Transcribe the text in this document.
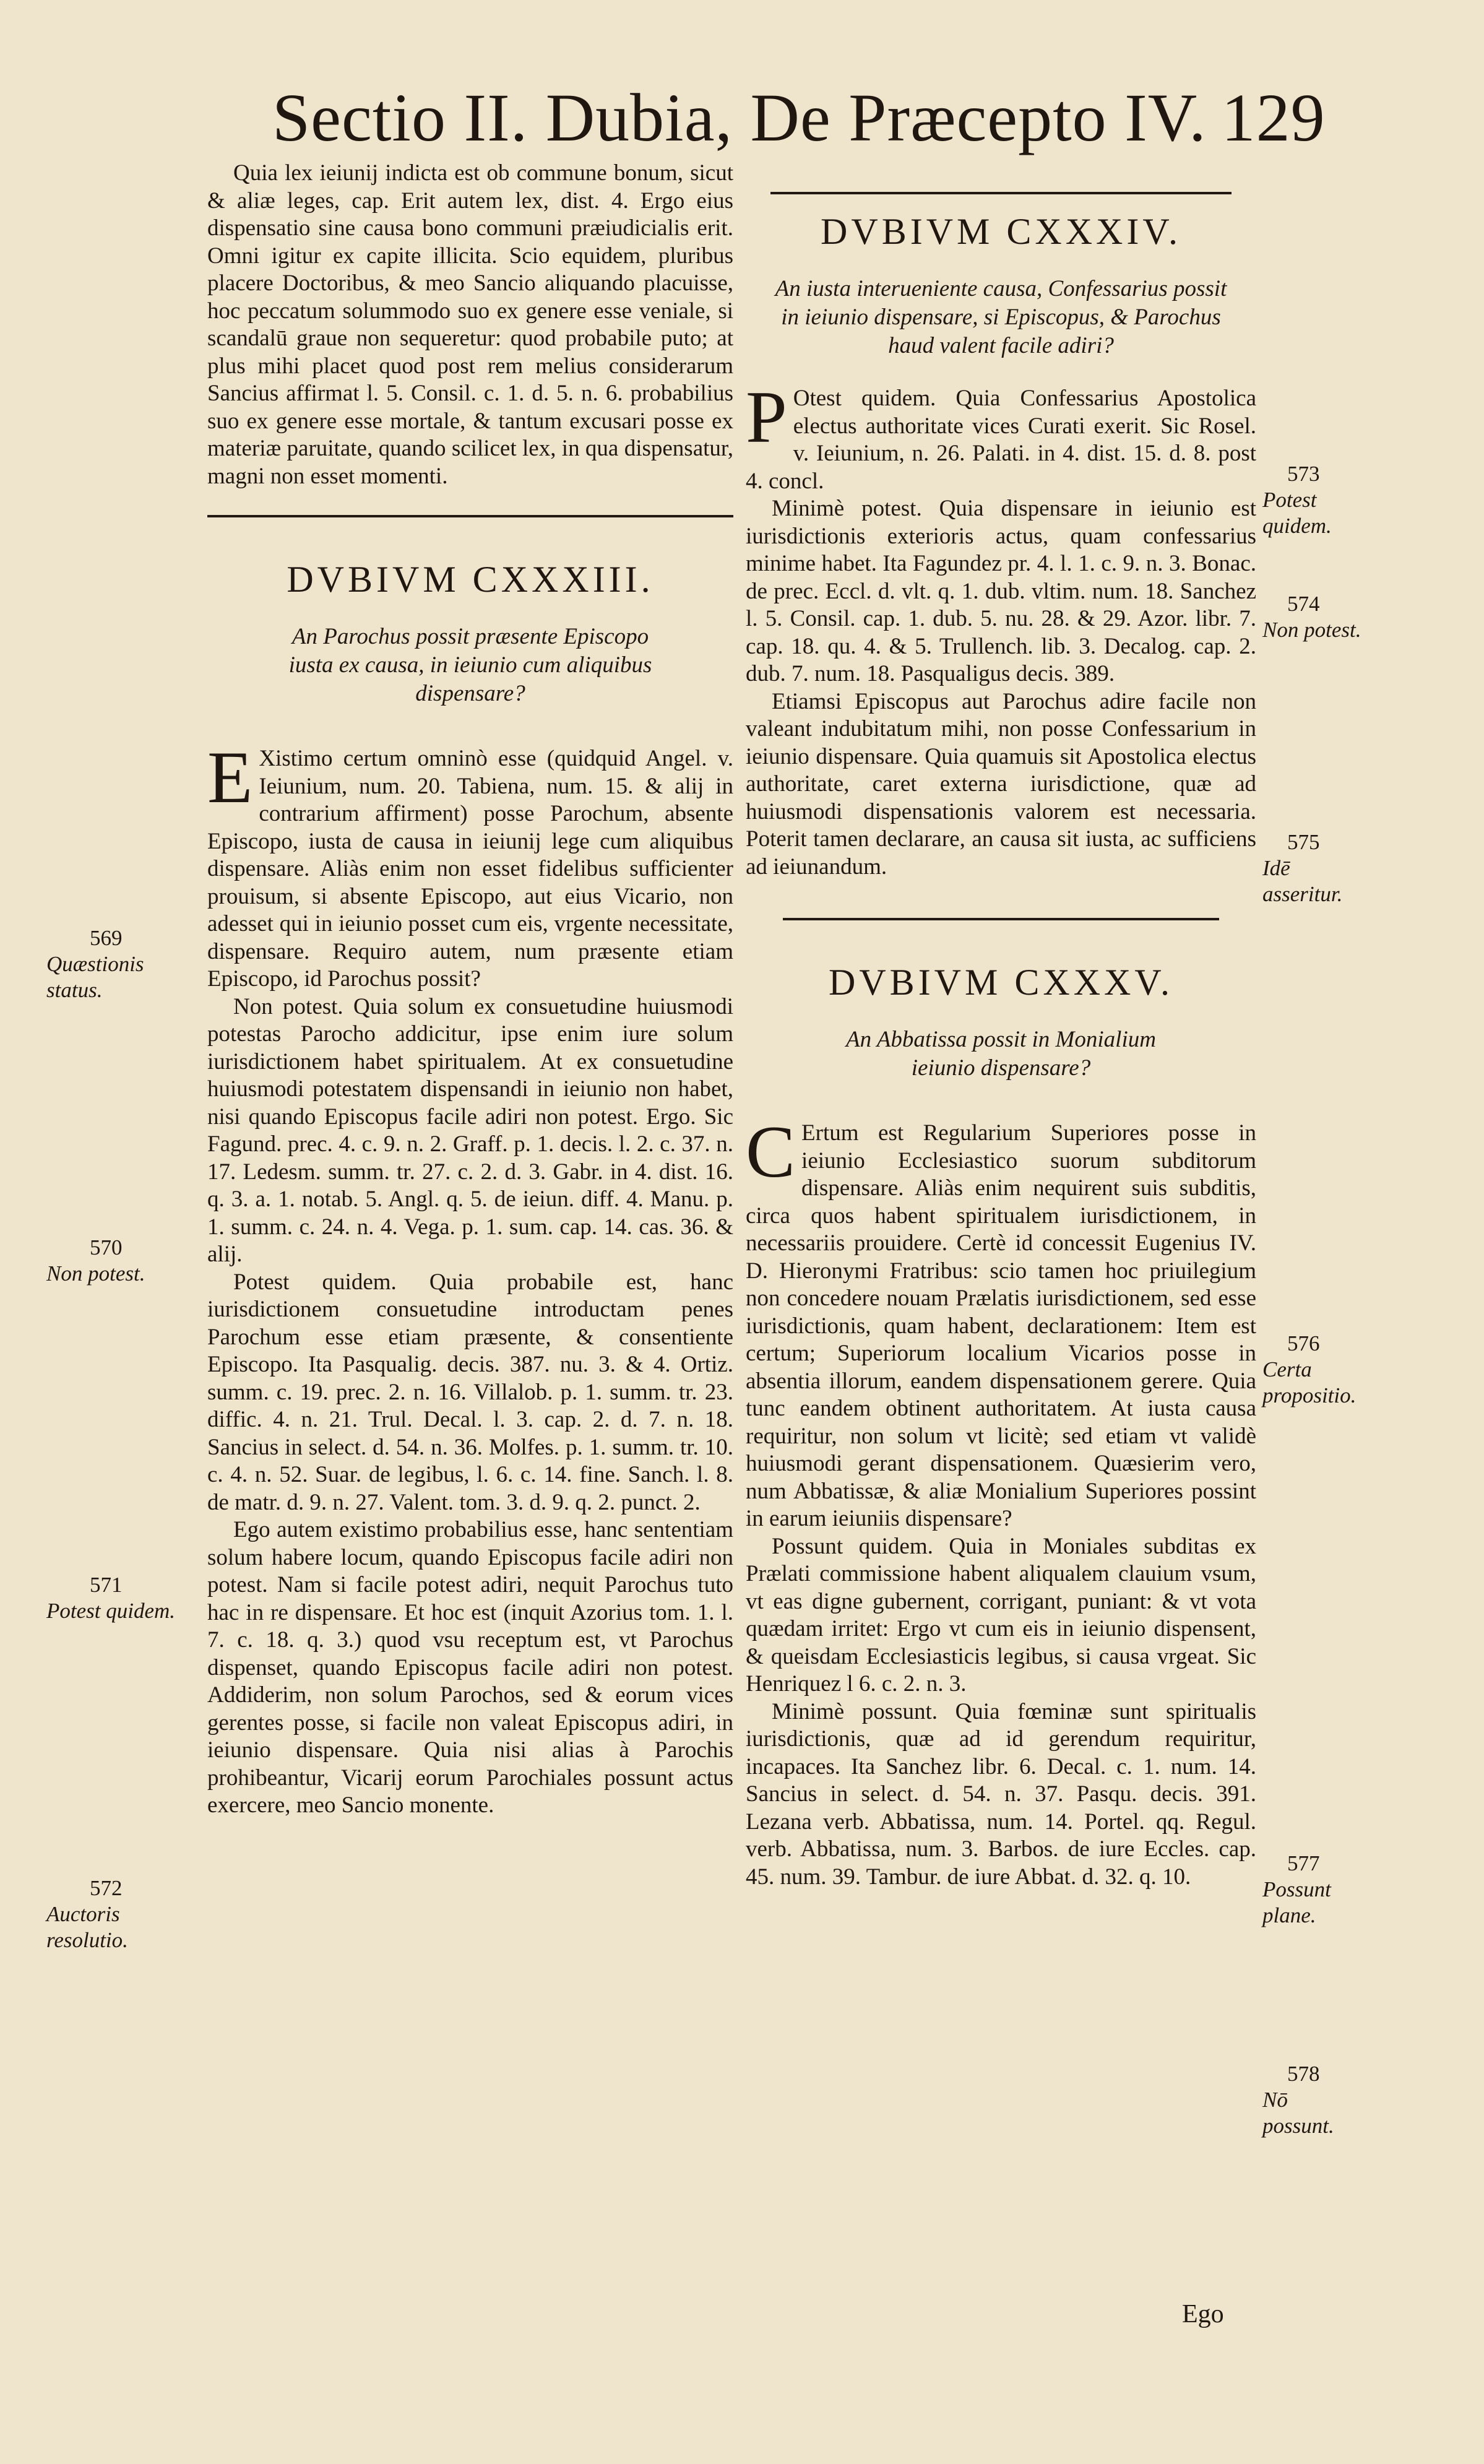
Sectio II. Dubia, De Præcepto IV. 129

Quia lex ieiunij indicta est ob commune bonum, sicut & aliæ leges, cap. Erit autem lex, dist. 4. Ergo eius dispensatio sine causa bono communi præiudicialis erit. Omni igitur ex capite illicita. Scio equidem, pluribus placere Doctoribus, & meo Sancio aliquando placuisse, hoc peccatum solummodo suo ex genere esse veniale, si scandalū graue non sequeretur: quod probabile puto; at plus mihi placet quod post rem melius considerarum Sancius affirmat l. 5. Consil. c. 1. d. 5. n. 6. probabilius suo ex genere esse mortale, & tantum excusari posse ex materiæ paruitate, quando scilicet lex, in qua dispensatur, magni non esset momenti.

DVBIVM CXXXIII.

An Parochus possit præsente Episcopo iusta ex causa, in ieiunio cum aliquibus dispensare?

EXistimo certum omninò esse (quidquid Angel. v. Ieiunium, num. 20. Tabiena, num. 15. & alij in contrarium affirment) posse Parochum, absente Episcopo, iusta de causa in ieiunij lege cum aliquibus dispensare. Aliàs enim non esset fidelibus sufficienter prouisum, si absente Episcopo, aut eius Vicario, non adesset qui in ieiunio posset cum eis, vrgente necessitate, dispensare. Requiro autem, num præsente etiam Episcopo, id Parochus possit?

Non potest. Quia solum ex consuetudine huiusmodi potestas Parocho addicitur, ipse enim iure solum iurisdictionem habet spiritualem. At ex consuetudine huiusmodi potestatem dispensandi in ieiunio non habet, nisi quando Episcopus facile adiri non potest. Ergo. Sic Fagund. prec. 4. c. 9. n. 2. Graff. p. 1. decis. l. 2. c. 37. n. 17. Ledesm. summ. tr. 27. c. 2. d. 3. Gabr. in 4. dist. 16. q. 3. a. 1. notab. 5. Angl. q. 5. de ieiun. diff. 4. Manu. p. 1. summ. c. 24. n. 4. Vega. p. 1. sum. cap. 14. cas. 36. & alij.

Potest quidem. Quia probabile est, hanc iurisdictionem consuetudine introductam penes Parochum esse etiam præsente, & consentiente Episcopo. Ita Pasqualig. decis. 387. nu. 3. & 4. Ortiz. summ. c. 19. prec. 2. n. 16. Villalob. p. 1. summ. tr. 23. diffic. 4. n. 21. Trul. Decal. l. 3. cap. 2. d. 7. n. 18. Sancius in select. d. 54. n. 36. Molfes. p. 1. summ. tr. 10. c. 4. n. 52. Suar. de legibus, l. 6. c. 14. fine. Sanch. l. 8. de matr. d. 9. n. 27. Valent. tom. 3. d. 9. q. 2. punct. 2.

Ego autem existimo probabilius esse, hanc sententiam solum habere locum, quando Episcopus facile adiri non potest. Nam si facile potest adiri, nequit Parochus tuto hac in re dispensare. Et hoc est (inquit Azorius tom. 1. l. 7. c. 18. q. 3.) quod vsu receptum est, vt Parochus dispenset, quando Episcopus facile adiri non potest. Addiderim, non solum Parochos, sed & eorum vices gerentes posse, si facile non valeat Episcopus adiri, in ieiunio dispensare. Quia nisi alias à Parochis prohibeantur, Vicarij eorum Parochiales possunt actus exercere, meo Sancio monente.

569
Quæstionis status.
570
Non potest.
571
Potest quidem.
572
Auctoris resolutio.

DVBIVM CXXXIV.

An iusta interueniente causa, Confessarius possit in ieiunio dispensare, si Episcopus, & Parochus haud valent facile adiri?

POtest quidem. Quia Confessarius Apostolica electus authoritate vices Curati exerit. Sic Rosel. v. Ieiunium, n. 26. Palati. in 4. dist. 15. d. 8. post 4. concl.

Minimè potest. Quia dispensare in ieiunio est iurisdictionis exterioris actus, quam confessarius minime habet. Ita Fagundez pr. 4. l. 1. c. 9. n. 3. Bonac. de prec. Eccl. d. vlt. q. 1. dub. vltim. num. 18. Sanchez l. 5. Consil. cap. 1. dub. 5. nu. 28. & 29. Azor. libr. 7. cap. 18. qu. 4. & 5. Trullench. lib. 3. Decalog. cap. 2. dub. 7. num. 18. Pasqualigus decis. 389.

Etiamsi Episcopus aut Parochus adire facile non valeant indubitatum mihi, non posse Confessarium in ieiunio dispensare. Quia quamuis sit Apostolica electus authoritate, caret externa iurisdictione, quæ ad huiusmodi dispensationis valorem est necessaria. Poterit tamen declarare, an causa sit iusta, ac sufficiens ad ieiunandum.

DVBIVM CXXXV.

An Abbatissa possit in Monialium ieiunio dispensare?

CErtum est Regularium Superiores posse in ieiunio Ecclesiastico suorum subditorum dispensare. Aliàs enim nequirent suis subditis, circa quos habent spiritualem iurisdictionem, in necessariis prouidere. Certè id concessit Eugenius IV. D. Hieronymi Fratribus: scio tamen hoc priuilegium non concedere nouam Prælatis iurisdictionem, sed esse iurisdictionis, quam habent, declarationem: Item est certum; Superiorum localium Vicarios posse in absentia illorum, eandem dispensationem gerere. Quia tunc eandem obtinent authoritatem. At iusta causa requiritur, non solum vt licitè; sed etiam vt validè huiusmodi gerant dispensationem. Quæsierim vero, num Abbatissæ, & aliæ Monialium Superiores possint in earum ieiuniis dispensare?

Possunt quidem. Quia in Moniales subditas ex Prælati commissione habent aliqualem clauium vsum, vt eas digne gubernent, corrigant, puniant: & vt vota quædam irritet: Ergo vt cum eis in ieiunio dispensent, & queisdam Ecclesiasticis legibus, si causa vrgeat. Sic Henriquez l 6. c. 2. n. 3.

Minimè possunt. Quia fœminæ sunt spiritualis iurisdictionis, quæ ad id gerendum requiritur, incapaces. Ita Sanchez libr. 6. Decal. c. 1. num. 14. Sancius in select. d. 54. n. 37. Pasqu. decis. 391. Lezana verb. Abbatissa, num. 14. Portel. qq. Regul. verb. Abbatissa, num. 3. Barbos. de iure Eccles. cap. 45. num. 39. Tambur. de iure Abbat. d. 32. q. 10.

573
Potest quidem.
574
Non potest.
575
Idē asseritur.
576
Certa propositio.
577
Possunt plane.
578
Nō possunt.
Ego
